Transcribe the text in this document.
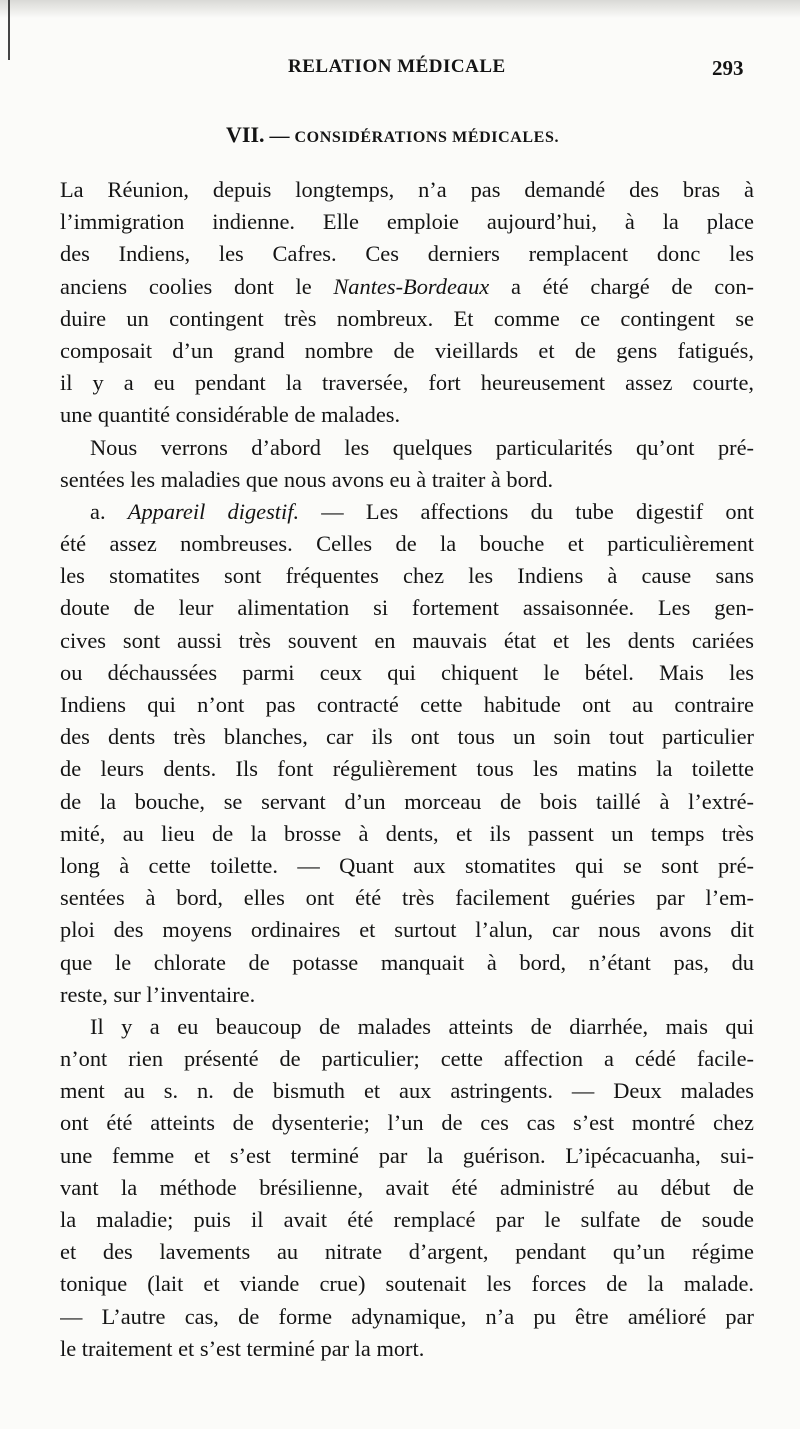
RELATION MÉDICALE	293
VII. — CONSIDÉRATIONS MÉDICALES.
La Réunion, depuis longtemps, n’a pas demandé des bras à
l’immigration indienne. Elle emploie aujourd’hui, à la place
des Indiens, les Cafres. Ces derniers remplacent donc les
anciens coolies dont le Nantes-Bordeaux a été chargé de con-
duire un contingent très nombreux. Et comme ce contingent se
composait d’un grand nombre de vieillards et de gens fatigués,
il y a eu pendant la traversée, fort heureusement assez courte,
une quantité considérable de malades.
Nous verrons d’abord les quelques particularités qu’ont pré-
sentées les maladies que nous avons eu à traiter à bord.
a. Appareil digestif. — Les affections du tube digestif ont
été assez nombreuses. Celles de la bouche et particulièrement
les stomatites sont fréquentes chez les Indiens à cause sans
doute de leur alimentation si fortement assaisonnée. Les gen-
cives sont aussi très souvent en mauvais état et les dents cariées
ou déchaussées parmi ceux qui chiquent le bétel. Mais les
Indiens qui n’ont pas contracté cette habitude ont au contraire
des dents très blanches, car ils ont tous un soin tout particulier
de leurs dents. Ils font régulièrement tous les matins la toilette
de la bouche, se servant d’un morceau de bois taillé à l’extré-
mité, au lieu de la brosse à dents, et ils passent un temps très
long à cette toilette. — Quant aux stomatites qui se sont pré-
sentées à bord, elles ont été très facilement guéries par l’em-
ploi des moyens ordinaires et surtout l’alun, car nous avons dit
que le chlorate de potasse manquait à bord, n’étant pas, du
reste, sur l’inventaire.
Il y a eu beaucoup de malades atteints de diarrhée, mais qui
n’ont rien présenté de particulier; cette affection a cédé facile-
ment au s. n. de bismuth et aux astringents. — Deux malades
ont été atteints de dysenterie; l’un de ces cas s’est montré chez
une femme et s’est terminé par la guérison. L’ipécacuanha, sui-
vant la méthode brésilienne, avait été administré au début de
la maladie; puis il avait été remplacé par le sulfate de soude
et des lavements au nitrate d’argent, pendant qu’un régime
tonique (lait et viande crue) soutenait les forces de la malade.
— L’autre cas, de forme adynamique, n’a pu être amélioré par
le traitement et s’est terminé par la mort.
